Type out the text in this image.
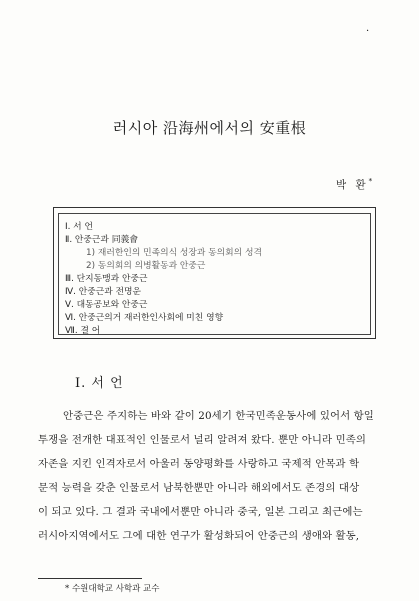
·
러시아 沿海州에서의 安重根
박 환*
Ⅰ. 서 언
Ⅱ. 안중근과 同義會
1) 재러한인의 민족의식 성장과 동의회의 성격
2) 동의회의 의병활동과 안중근
Ⅲ. 단지동맹과 안중근
Ⅳ. 안중근과 전명운
Ⅴ. 대동공보와 안중근
Ⅵ. 안중근의거 재러한인사회에 미친 영향
Ⅶ. 결 어
Ⅰ. 서 언
안중근은 주지하는 바와 같이 20세기 한국민족운동사에 있어서 항일
투쟁을 전개한 대표적인 인물로서 널리 알려져 왔다. 뿐만 아니라 민족의
자존을 지킨 인격자로서 아울러 동양평화를 사랑하고 국제적 안목과 학
문적 능력을 갖춘 인물로서 남북한뿐만 아니라 해외에서도 존경의 대상
이 되고 있다. 그 결과 국내에서뿐만 아니라 중국, 일본 그리고 최근에는
러시아지역에서도 그에 대한 연구가 활성화되어 안중근의 생애와 활동,
* 수원대학교 사학과 교수
